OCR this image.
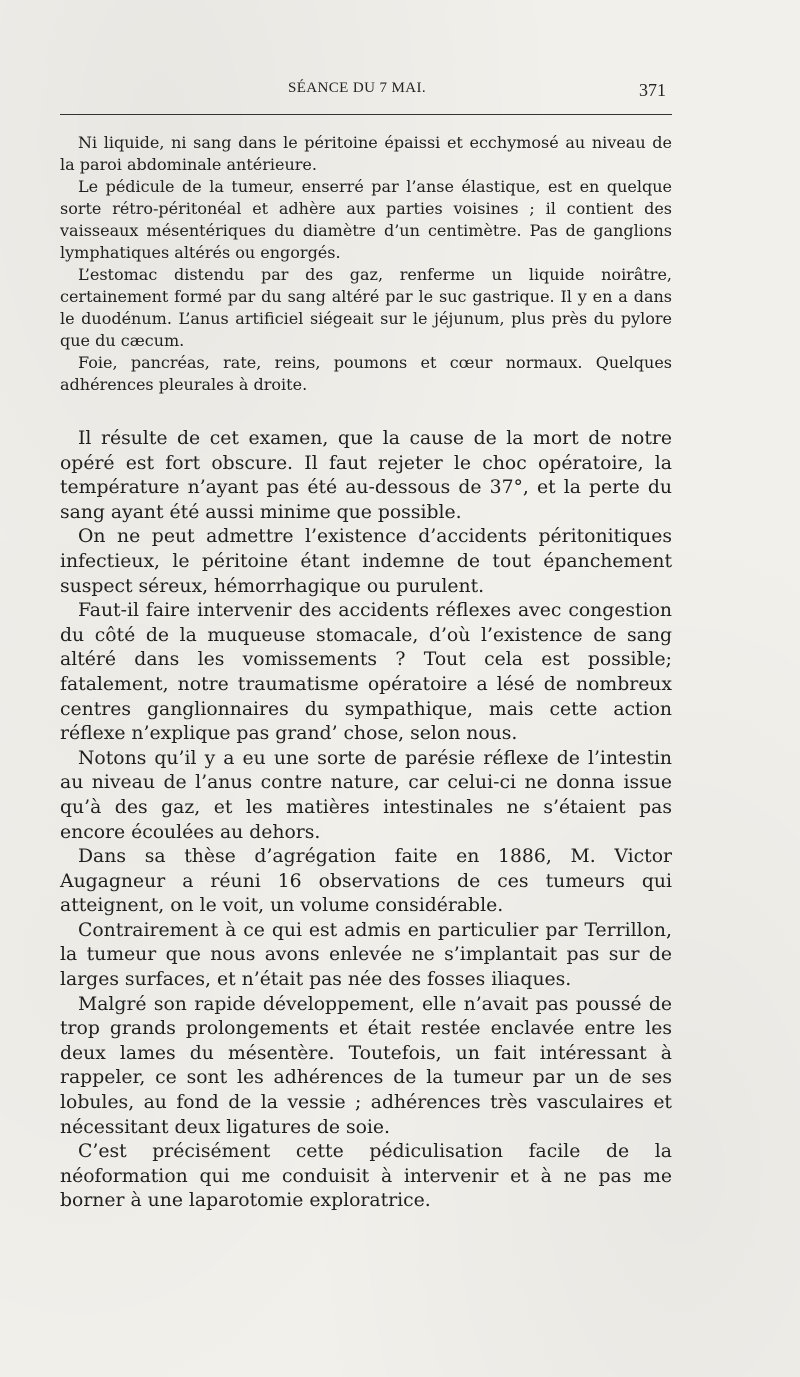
SÉANCE DU 7 MAI.	371

Ni liquide, ni sang dans le péritoine épaissi et ecchymosé au niveau de la paroi abdominale antérieure.

Le pédicule de la tumeur, enserré par l’anse élastique, est en quelque sorte rétro-péritonéal et adhère aux parties voisines ; il contient des vaisseaux mésentériques du diamètre d’un centimètre. Pas de ganglions lymphatiques altérés ou engorgés.

L’estomac distendu par des gaz, renferme un liquide noirâtre, certainement formé par du sang altéré par le suc gastrique. Il y en a dans le duodénum. L’anus artificiel siégeait sur le jéjunum, plus près du pylore que du cæcum.

Foie, pancréas, rate, reins, poumons et cœur normaux. Quelques adhérences pleurales à droite.

Il résulte de cet examen, que la cause de la mort de notre opéré est fort obscure. Il faut rejeter le choc opératoire, la température n’ayant pas été au-dessous de 37°, et la perte du sang ayant été aussi minime que possible.

On ne peut admettre l’existence d’accidents péritonitiques infectieux, le péritoine étant indemne de tout épanchement suspect séreux, hémorrhagique ou purulent.

Faut-il faire intervenir des accidents réflexes avec congestion du côté de la muqueuse stomacale, d’où l’existence de sang altéré dans les vomissements ? Tout cela est possible; fatalement, notre traumatisme opératoire a lésé de nombreux centres ganglionnaires du sympathique, mais cette action réflexe n’explique pas grand’ chose, selon nous.

Notons qu’il y a eu une sorte de parésie réflexe de l’intestin au niveau de l’anus contre nature, car celui-ci ne donna issue qu’à des gaz, et les matières intestinales ne s’étaient pas encore écoulées au dehors.

Dans sa thèse d’agrégation faite en 1886, M. Victor Augagneur a réuni 16 observations de ces tumeurs qui atteignent, on le voit, un volume considérable.

Contrairement à ce qui est admis en particulier par Terrillon, la tumeur que nous avons enlevée ne s’implantait pas sur de larges surfaces, et n’était pas née des fosses iliaques.

Malgré son rapide développement, elle n’avait pas poussé de trop grands prolongements et était restée enclavée entre les deux lames du mésentère. Toutefois, un fait intéressant à rappeler, ce sont les adhérences de la tumeur par un de ses lobules, au fond de la vessie ; adhérences très vasculaires et nécessitant deux ligatures de soie.

C’est précisément cette pédiculisation facile de la néoformation qui me conduisit à intervenir et à ne pas me borner à une laparotomie exploratrice.
